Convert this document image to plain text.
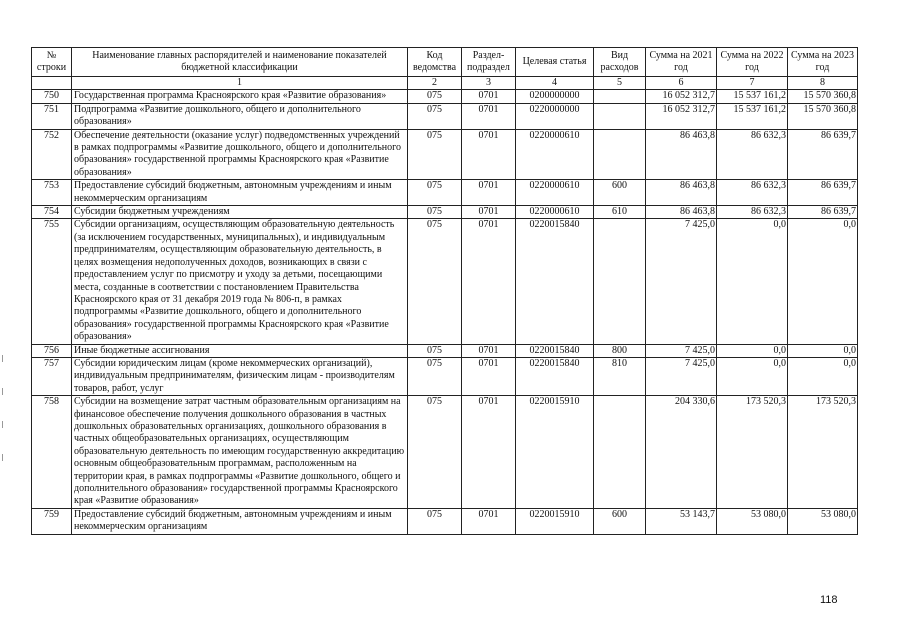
№ строки	Наименование главных распорядителей и наименование показателей бюджетной классификации	Код ведомства	Раздел-подраздел	Целевая статья	Вид расходов	Сумма на 2021 год	Сумма на 2022 год	Сумма на 2023 год
	1	2	3	4	5	6	7	8
750	Государственная программа Красноярского края «Развитие образования»	075	0701	0200000000		16 052 312,7	15 537 161,2	15 570 360,8
751	Подпрограмма «Развитие дошкольного, общего и дополнительного образования»	075	0701	0220000000		16 052 312,7	15 537 161,2	15 570 360,8
752	Обеспечение деятельности (оказание услуг) подведомственных учреждений в рамках подпрограммы «Развитие дошкольного, общего и дополнительного образования» государственной программы Красноярского края «Развитие образования»	075	0701	0220000610		86 463,8	86 632,3	86 639,7
753	Предоставление субсидий бюджетным, автономным учреждениям и иным некоммерческим организациям	075	0701	0220000610	600	86 463,8	86 632,3	86 639,7
754	Субсидии бюджетным учреждениям	075	0701	0220000610	610	86 463,8	86 632,3	86 639,7
755	Субсидии организациям, осуществляющим образовательную деятельность (за исключением государственных, муниципальных), и индивидуальным предпринимателям, осуществляющим образовательную деятельность, в целях возмещения недополученных доходов, возникающих в связи с предоставлением услуг по присмотру и уходу за детьми, посещающими места, созданные в соответствии с постановлением Правительства Красноярского края от 31 декабря 2019 года № 806-п, в рамках подпрограммы «Развитие дошкольного, общего и дополнительного образования» государственной программы Красноярского края «Развитие образования»	075	0701	0220015840		7 425,0	0,0	0,0
756	Иные бюджетные ассигнования	075	0701	0220015840	800	7 425,0	0,0	0,0
757	Субсидии юридическим лицам (кроме некоммерческих организаций), индивидуальным предпринимателям, физическим лицам - производителям товаров, работ, услуг	075	0701	0220015840	810	7 425,0	0,0	0,0
758	Субсидии на возмещение затрат частным образовательным организациям на финансовое обеспечение получения дошкольного образования в частных дошкольных образовательных организациях, дошкольного образования в частных общеобразовательных организациях, осуществляющим образовательную деятельность по имеющим государственную аккредитацию основным общеобразовательным программам, расположенным на территории края, в рамках подпрограммы «Развитие дошкольного, общего и дополнительного образования» государственной программы Красноярского края «Развитие образования»	075	0701	0220015910		204 330,6	173 520,3	173 520,3
759	Предоставление субсидий бюджетным, автономным учреждениям и иным некоммерческим организациям	075	0701	0220015910	600	53 143,7	53 080,0	53 080,0
118
